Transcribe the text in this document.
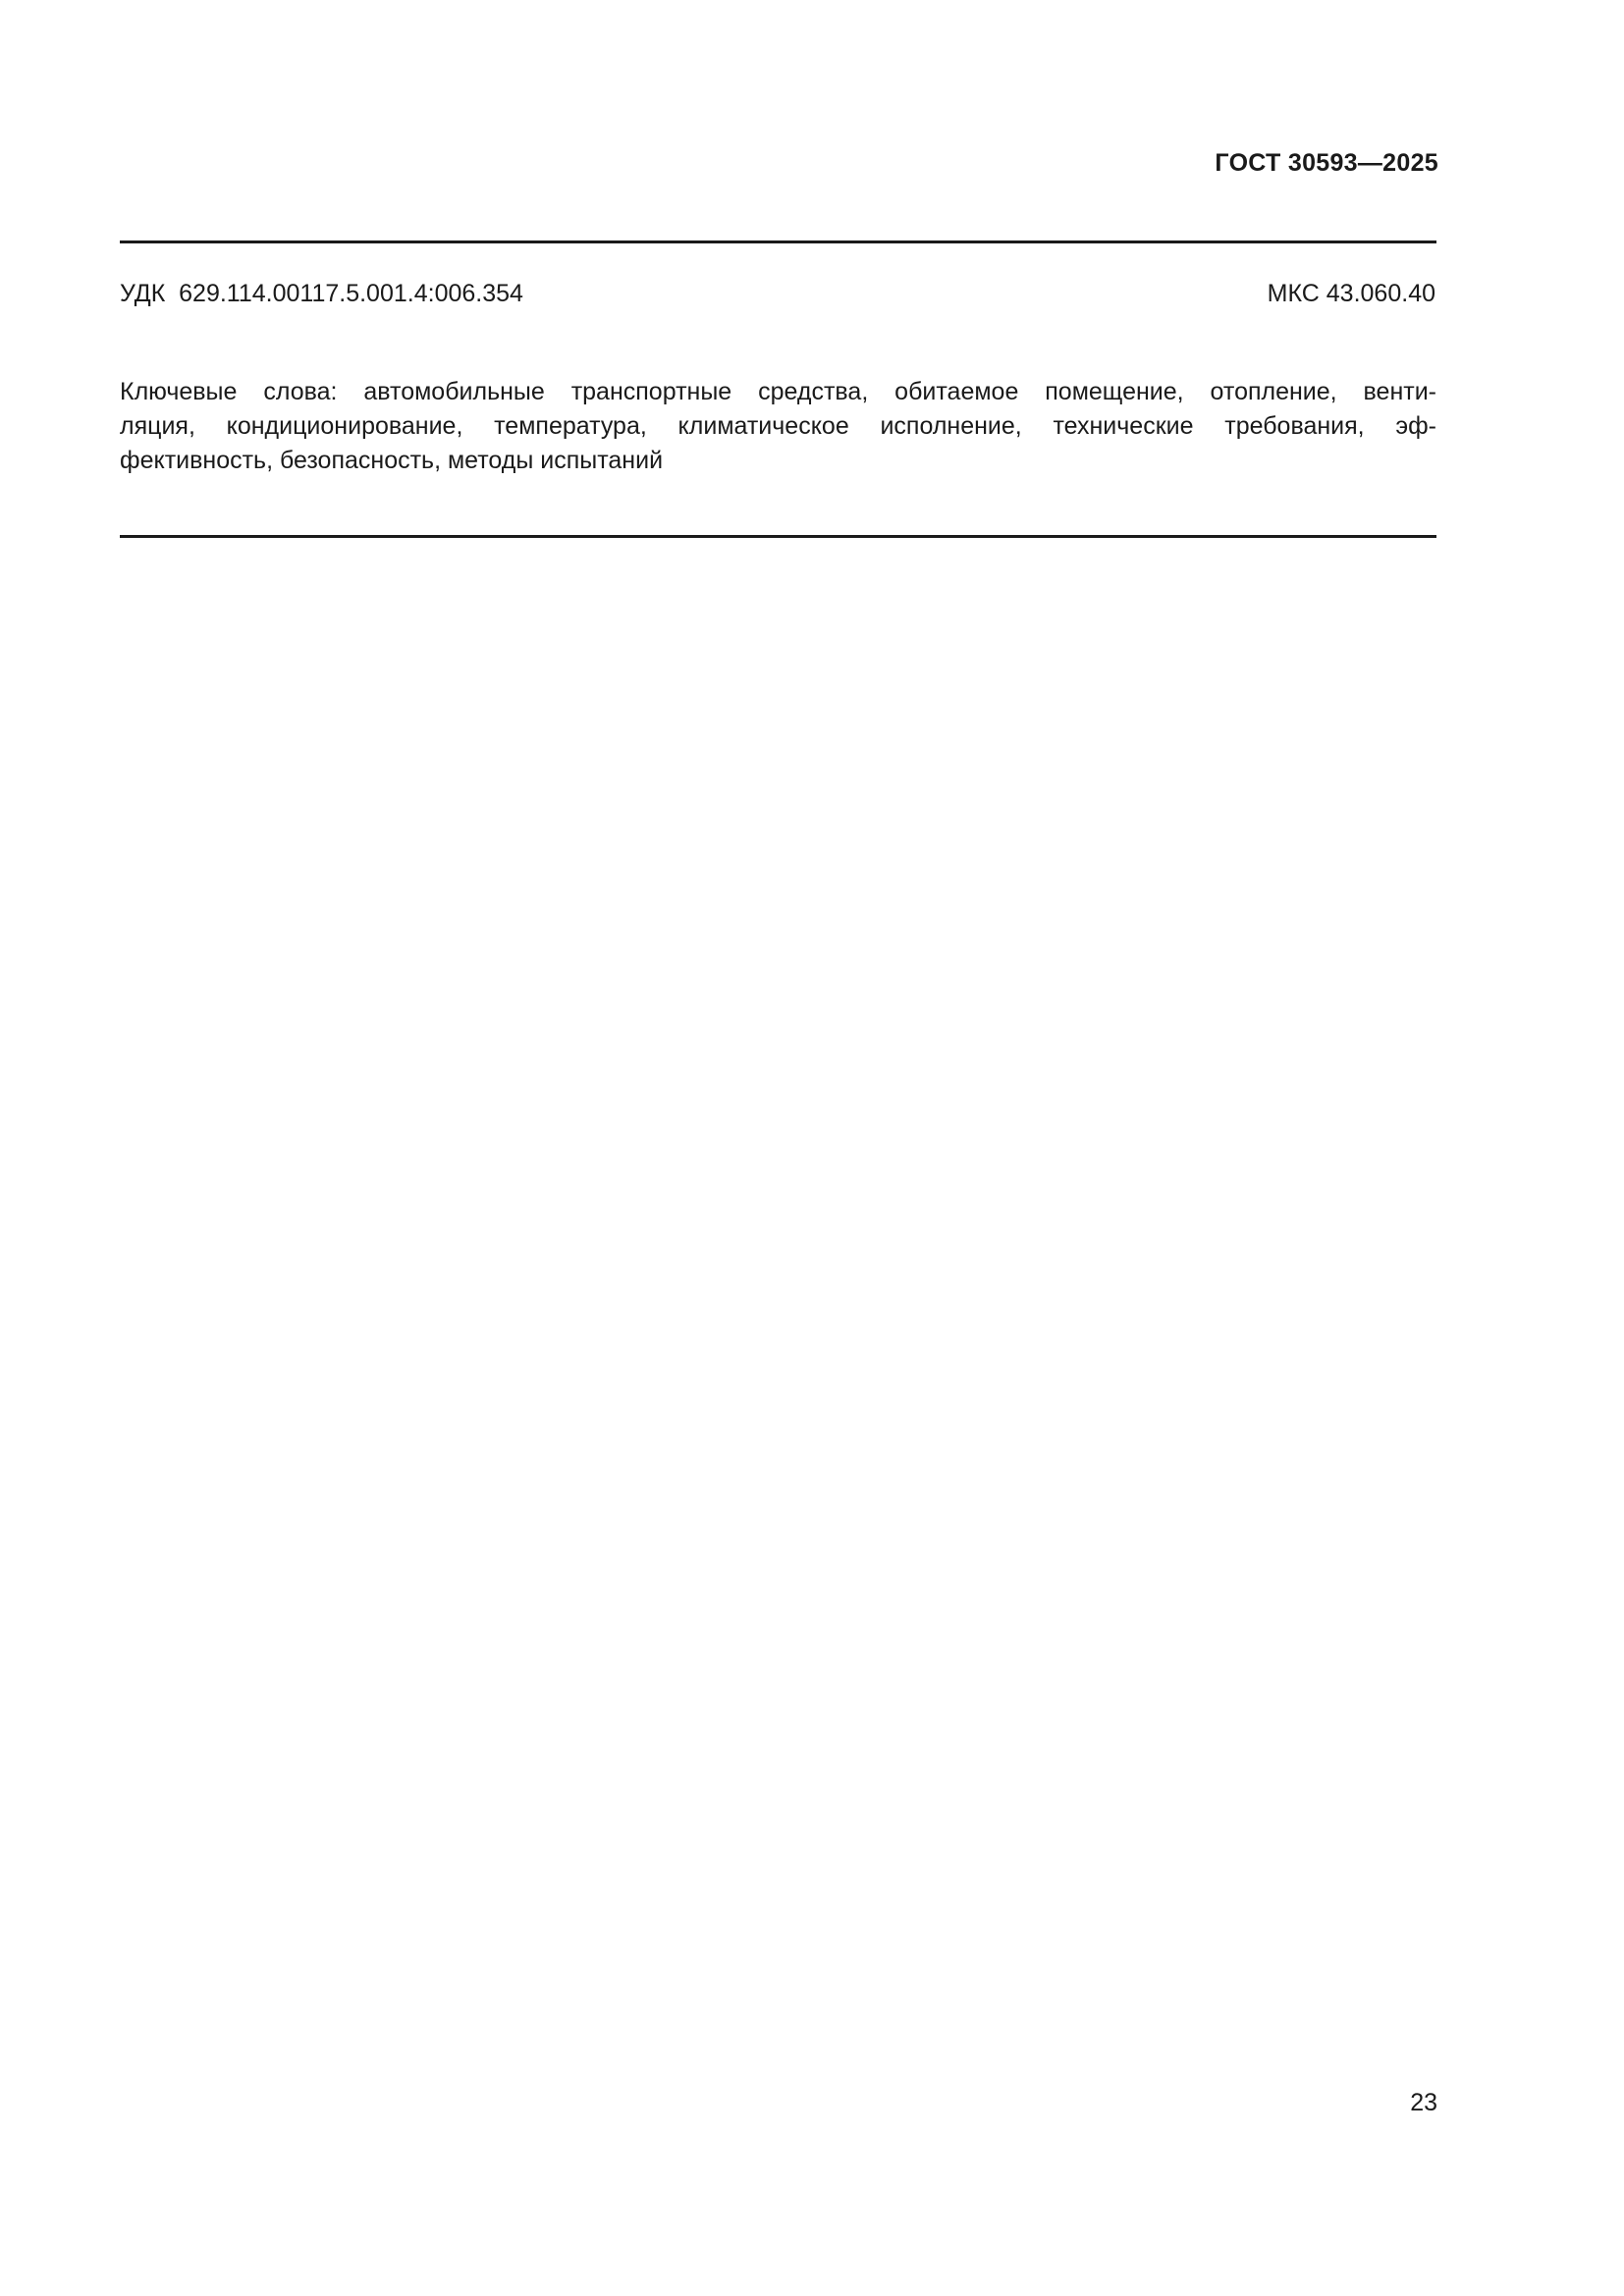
ГОСТ 30593—2025
УДК  629.114.00117.5.001.4:006.354	МКС 43.060.40
Ключевые слова: автомобильные транспортные средства, обитаемое помещение, отопление, венти-
ляция, кондиционирование, температура, климатическое исполнение, технические требования, эф-
фективность, безопасность, методы испытаний
23
